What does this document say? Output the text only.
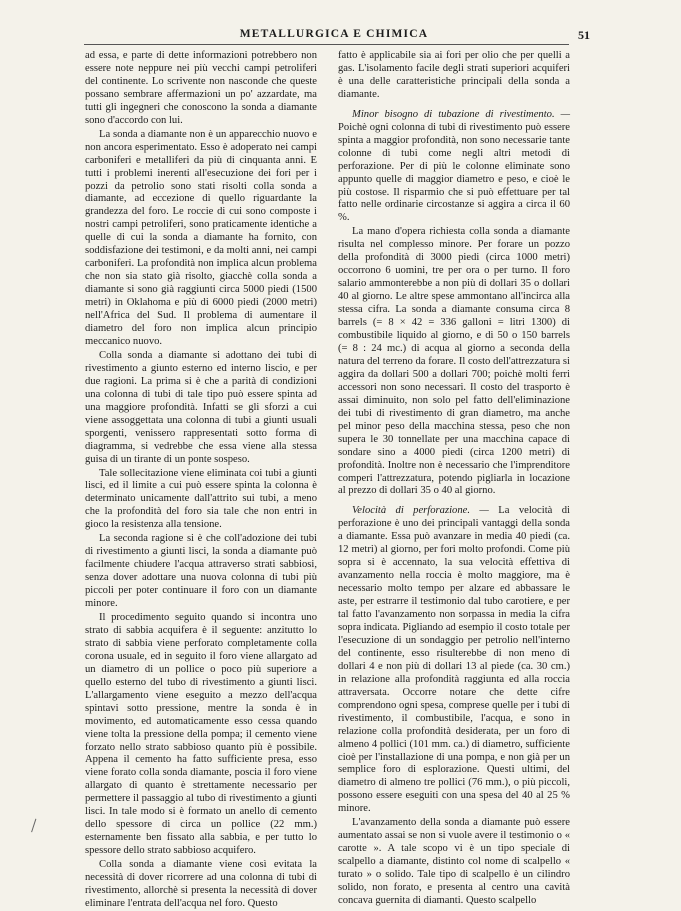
METALLURGICA E CHIMICA	51

ad essa, e parte di dette informazioni potrebbero non essere note neppure nei più vecchi campi petroliferi del continente. Lo scrivente non nasconde che queste possano sembrare affermazioni un po' azzardate, ma tutti gli ingegneri che conoscono la sonda a diamante sono d'accordo con lui.

La sonda a diamante non è un apparecchio nuovo e non ancora esperimentato. Esso è adoperato nei campi carboniferi e metalliferi da più di cinquanta anni. E tutti i problemi inerenti all'esecuzione dei fori per i pozzi da petrolio sono stati risolti colla sonda a diamante, ad eccezione di quello riguardante la grandezza del foro. Le roccie di cui sono composte i nostri campi petroliferi, sono praticamente identiche a quelle di cui la sonda a diamante ha fornito, con soddisfazione dei testimoni, e da molti anni, nei campi carboniferi. La profondità non implica alcun problema che non sia stato già risolto, giacchè colla sonda a diamante si sono già raggiunti circa 5000 piedi (1500 metri) in Oklahoma e più di 6000 piedi (2000 metri) nell'Africa del Sud. Il problema di aumentare il diametro del foro non implica alcun principio meccanico nuovo.

Colla sonda a diamante si adottano dei tubi di rivestimento a giunto esterno ed interno liscio, e per due ragioni. La prima si è che a parità di condizioni una colonna di tubi di tale tipo può essere spinta ad una maggiore profondità. Infatti se gli sforzi a cui viene assoggettata una colonna di tubi a giunti usuali sporgenti, venissero rappresentati sotto forma di diagramma, si vedrebbe che essa viene alla stessa guisa di un tirante di un ponte sospeso.

Tale sollecitazione viene eliminata coi tubi a giunti lisci, ed il limite a cui può essere spinta la colonna è determinato unicamente dall'attrito sui tubi, a meno che la profondità del foro sia tale che non entri in gioco la resistenza alla tensione.

La seconda ragione si è che coll'adozione dei tubi di rivestimento a giunti lisci, la sonda a diamante può facilmente chiudere l'acqua attraverso strati sabbiosi, senza dover adottare una nuova colonna di tubi più piccoli per poter continuare il foro con un diamante minore.

Il procedimento seguito quando si incontra uno strato di sabbia acquifera è il seguente: anzitutto lo strato di sabbia viene perforato completamente colla corona usuale, ed in seguito il foro viene allargato ad un diametro di un pollice o poco più superiore a quello esterno del tubo di rivestimento a giunti lisci. L'allargamento viene eseguito a mezzo dell'acqua spintavi sotto pressione, mentre la sonda è in movimento, ed automaticamente esso cessa quando viene tolta la pressione della pompa; il cemento viene forzato nello strato sabbioso quanto più è possibile. Appena il cemento ha fatto sufficiente presa, esso viene forato colla sonda diamante, poscia il foro viene allargato di quanto è strettamente necessario per permettere il passaggio al tubo di rivestimento a giunti lisci. In tale modo si è formato un anello di cemento dello spessore di circa un pollice (22 mm.) esternamente ben fissato alla sabbia, e per tutto lo spessore dello strato sabbioso acquifero.

Colla sonda a diamante viene così evitata la necessità di dover ricorrere ad una colonna di tubi di rivestimento, allorchè si presenta la necessità di dover eliminare l'entrata dell'acqua nel foro. Questo

fatto è applicabile sia ai fori per olio che per quelli a gas. L'isolamento facile degli strati superiori acquiferi è una delle caratteristiche principali della sonda a diamante.

Minor bisogno di tubazione di rivestimento. — Poichè ogni colonna di tubi di rivestimento può essere spinta a maggior profondità, non sono necessarie tante colonne di tubi come negli altri metodi di perforazione. Per di più le colonne eliminate sono appunto quelle di maggior diametro e peso, e cioè le più costose. Il risparmio che si può effettuare per tal fatto nelle ordinarie circostanze si aggira a circa il 60 %.

La mano d'opera richiesta colla sonda a diamante risulta nel complesso minore. Per forare un pozzo della profondità di 3000 piedi (circa 1000 metri) occorrono 6 uomini, tre per ora o per turno. Il foro salario ammonterebbe a non più di dollari 35 o dollari 40 al giorno. Le altre spese ammontano all'incirca alla stessa cifra. La sonda a diamante consuma circa 8 barrels (= 8 × 42 = 336 galloni = litri 1300) di combustibile liquido al giorno, e di 50 o 150 barrels (= 8 : 24 mc.) di acqua al giorno a seconda della natura del terreno da forare. Il costo dell'attrezzatura si aggira da dollari 500 a dollari 700; poichè molti ferri accessori non sono necessari. Il costo del trasporto è assai diminuito, non solo pel fatto dell'eliminazione dei tubi di rivestimento di gran diametro, ma anche pel minor peso della macchina stessa, peso che non supera le 30 tonnellate per una macchina capace di sondare sino a 4000 piedi (circa 1200 metri) di profondità. Inoltre non è necessario che l'imprenditore comperi l'attrezzatura, potendo pigliarla in locazione al prezzo di dollari 35 o 40 al giorno.

Velocità di perforazione. — La velocità di perforazione è uno dei principali vantaggi della sonda a diamante. Essa può avanzare in media 40 piedi (ca. 12 metri) al giorno, per fori molto profondi. Come più sopra si è accennato, la sua velocità effettiva di avanzamento nella roccia è molto maggiore, ma è necessario molto tempo per alzare ed abbassare le aste, per estrarre il testimonio dal tubo carotiere, e per tal fatto l'avanzamento non sorpassa in media la cifra sopra indicata. Pigliando ad esempio il costo totale per l'esecuzione di un sondaggio per petrolio nell'interno del continente, esso risulterebbe di non meno di dollari 4 e non più di dollari 13 al piede (ca. 30 cm.) in relazione alla profondità raggiunta ed alla roccia attraversata. Occorre notare che dette cifre comprendono ogni spesa, comprese quelle per i tubi di rivestimento, il combustibile, l'acqua, e sono in relazione colla profondità desiderata, per un foro di almeno 4 pollici (101 mm. ca.) di diametro, sufficiente cioè per l'installazione di una pompa, e non già per un semplice foro di esplorazione. Questi ultimi, del diametro di almeno tre pollici (76 mm.), o più piccoli, possono essere eseguiti con una spesa del 40 al 25 % minore.

L'avanzamento della sonda a diamante può essere aumentato assai se non si vuole avere il testimonio o « carotte ». A tale scopo vi è un tipo speciale di scalpello a diamante, distinto col nome di scalpello « turato » o solido. Tale tipo di scalpello è un cilindro solido, non forato, e presenta al centro una cavità concava guernita di diamanti. Questo scalpello
